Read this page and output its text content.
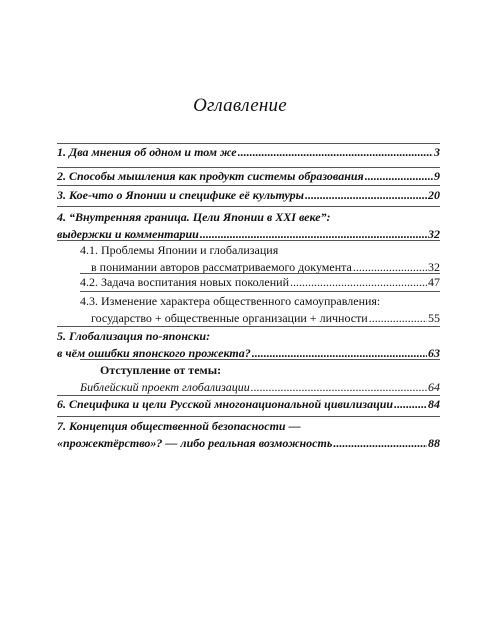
Оглавление
1. Два мнения об одном и том же .....	3
2. Способы мышления как продукт системы образования .....	9
3. Кое-что о Японии и специфике её культуры .....	20
4. “Внутренняя граница. Цели Японии в XXI веке”:
выдержки и комментарии .....	32
4.1. Проблемы Японии и глобализация
в понимании авторов рассматриваемого документа .....	32
4.2. Задача воспитания новых поколений .....	47
4.3. Изменение характера общественного самоуправления:
государство + общественные организации + личности .....	55
5. Глобализация по-японски:
в чём ошибки японского прожекта? .....	63
Отступление от темы:
Библейский проект глобализации .....	64
6. Специфика и цели Русской многонациональной цивилизации .....	84
7. Концепция общественной безопасности —
«прожектёрство»? — либо реальная возможность .....	88
